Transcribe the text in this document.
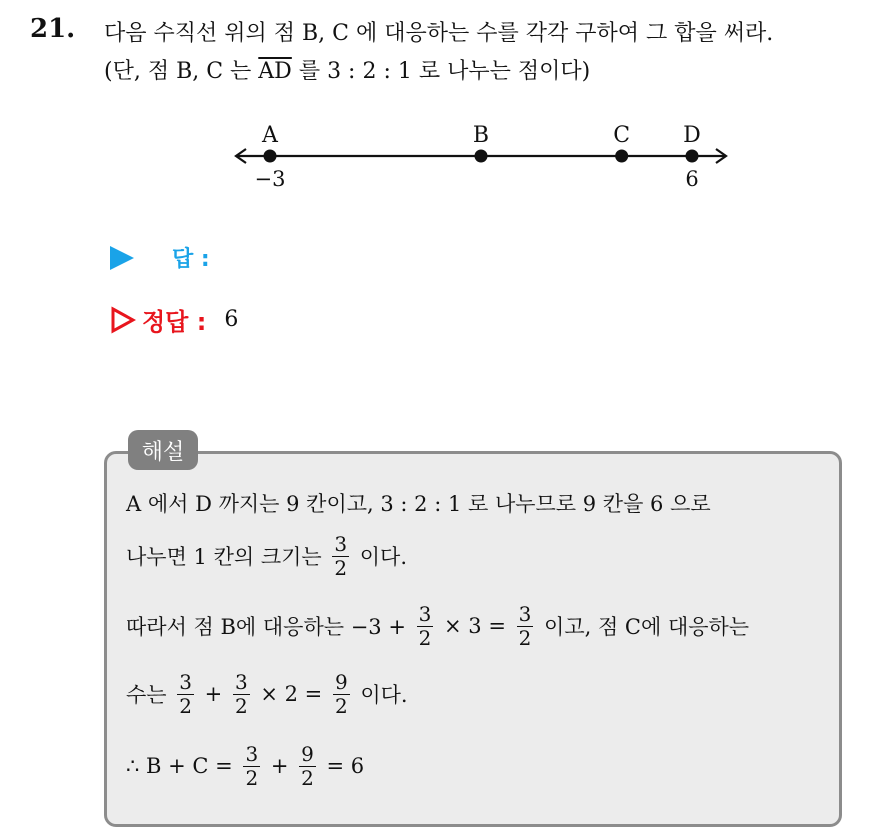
21. 다음 수직선 위의 점 B, C 에 대응하는 수를 각각 구하여 그 합을 써라.
(단, 점 B, C 는 $\overline{AD}$ 를 3 : 2 : 1 로 나누는 점이다)
A
−3
B	C D
6
답 :
정답 : 6
해설
A 에서 D 까지는 9 칸이고, 3 : 2 : 1 로 나누므로 9 칸을 6 으로
나누면 1 칸의 크기는 $\frac{3}{2}$ 이다.
따라서 점 B에 대응하는 $-3 + \frac{3}{2} \times 3 = \frac{3}{2}$ 이고, 점 C에 대응하는
수는 $\frac{3}{2} + \frac{3}{2} \times 2 = \frac{9}{2}$ 이다.
∴ $B + C = \frac{3}{2} + \frac{9}{2} = 6$
